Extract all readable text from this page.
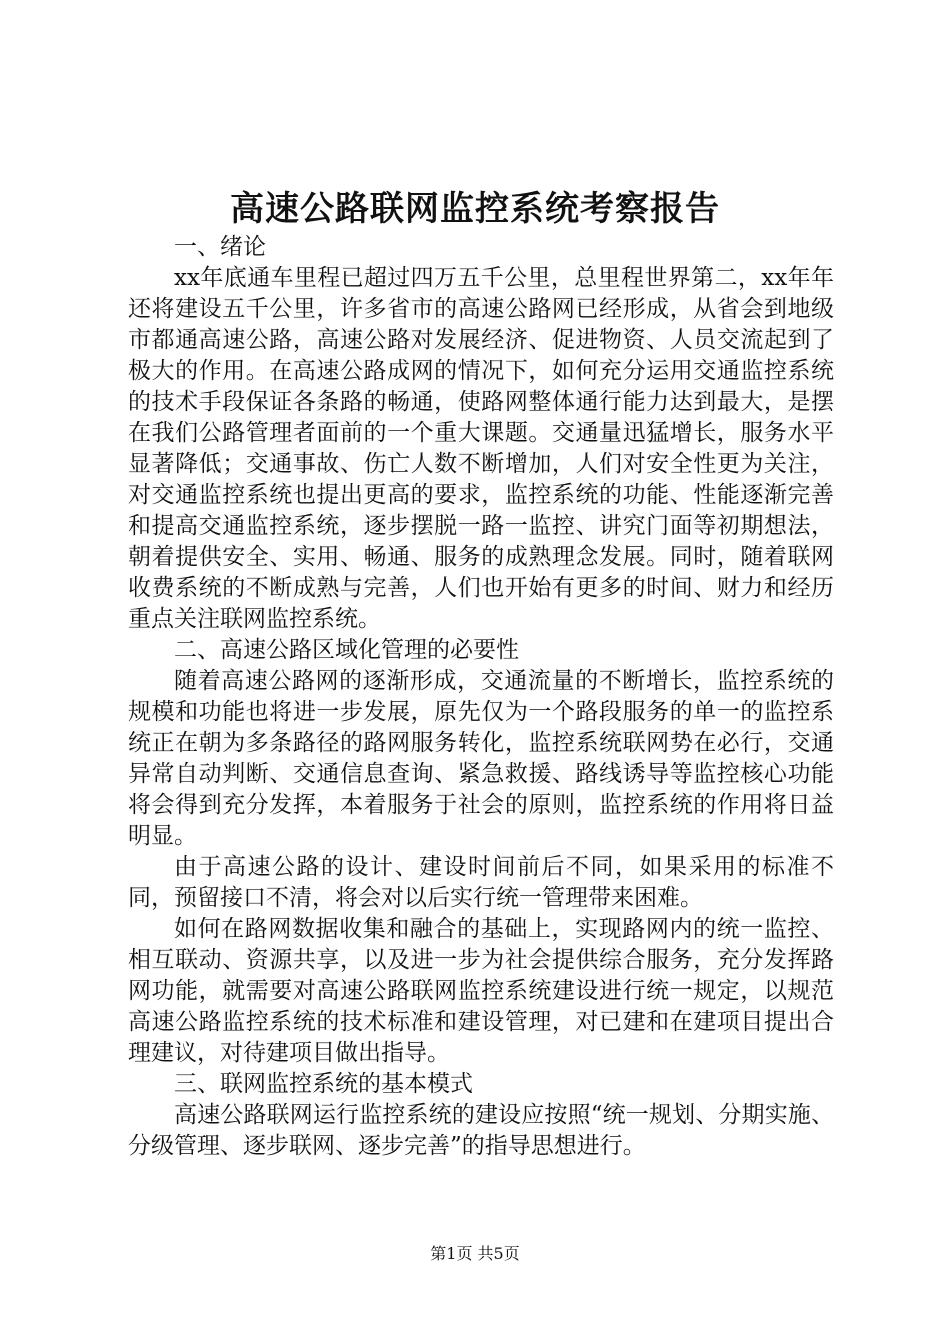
高速公路联网监控系统考察报告

一、绪论

xx年底通车里程已超过四万五千公里，总里程世界第二，xx年年还将建设五千公里，许多省市的高速公路网已经形成，从省会到地级市都通高速公路，高速公路对发展经济、促进物资、人员交流起到了极大的作用。在高速公路成网的情况下，如何充分运用交通监控系统的技术手段保证各条路的畅通，使路网整体通行能力达到最大，是摆在我们公路管理者面前的一个重大课题。交通量迅猛增长，服务水平显著降低；交通事故、伤亡人数不断增加，人们对安全性更为关注，对交通监控系统也提出更高的要求，监控系统的功能、性能逐渐完善和提高交通监控系统，逐步摆脱一路一监控、讲究门面等初期想法，朝着提供安全、实用、畅通、服务的成熟理念发展。同时，随着联网收费系统的不断成熟与完善，人们也开始有更多的时间、财力和经历重点关注联网监控系统。

二、高速公路区域化管理的必要性

随着高速公路网的逐渐形成，交通流量的不断增长，监控系统的规模和功能也将进一步发展，原先仅为一个路段服务的单一的监控系统正在朝为多条路径的路网服务转化，监控系统联网势在必行，交通异常自动判断、交通信息查询、紧急救援、路线诱导等监控核心功能将会得到充分发挥，本着服务于社会的原则，监控系统的作用将日益明显。

由于高速公路的设计、建设时间前后不同，如果采用的标准不同，预留接口不清，将会对以后实行统一管理带来困难。

如何在路网数据收集和融合的基础上，实现路网内的统一监控、相互联动、资源共享，以及进一步为社会提供综合服务，充分发挥路网功能，就需要对高速公路联网监控系统建设进行统一规定，以规范高速公路监控系统的技术标准和建设管理，对已建和在建项目提出合理建议，对待建项目做出指导。

三、联网监控系统的基本模式

高速公路联网运行监控系统的建设应按照“统一规划、分期实施、分级管理、逐步联网、逐步完善”的指导思想进行。

第1页 共5页
